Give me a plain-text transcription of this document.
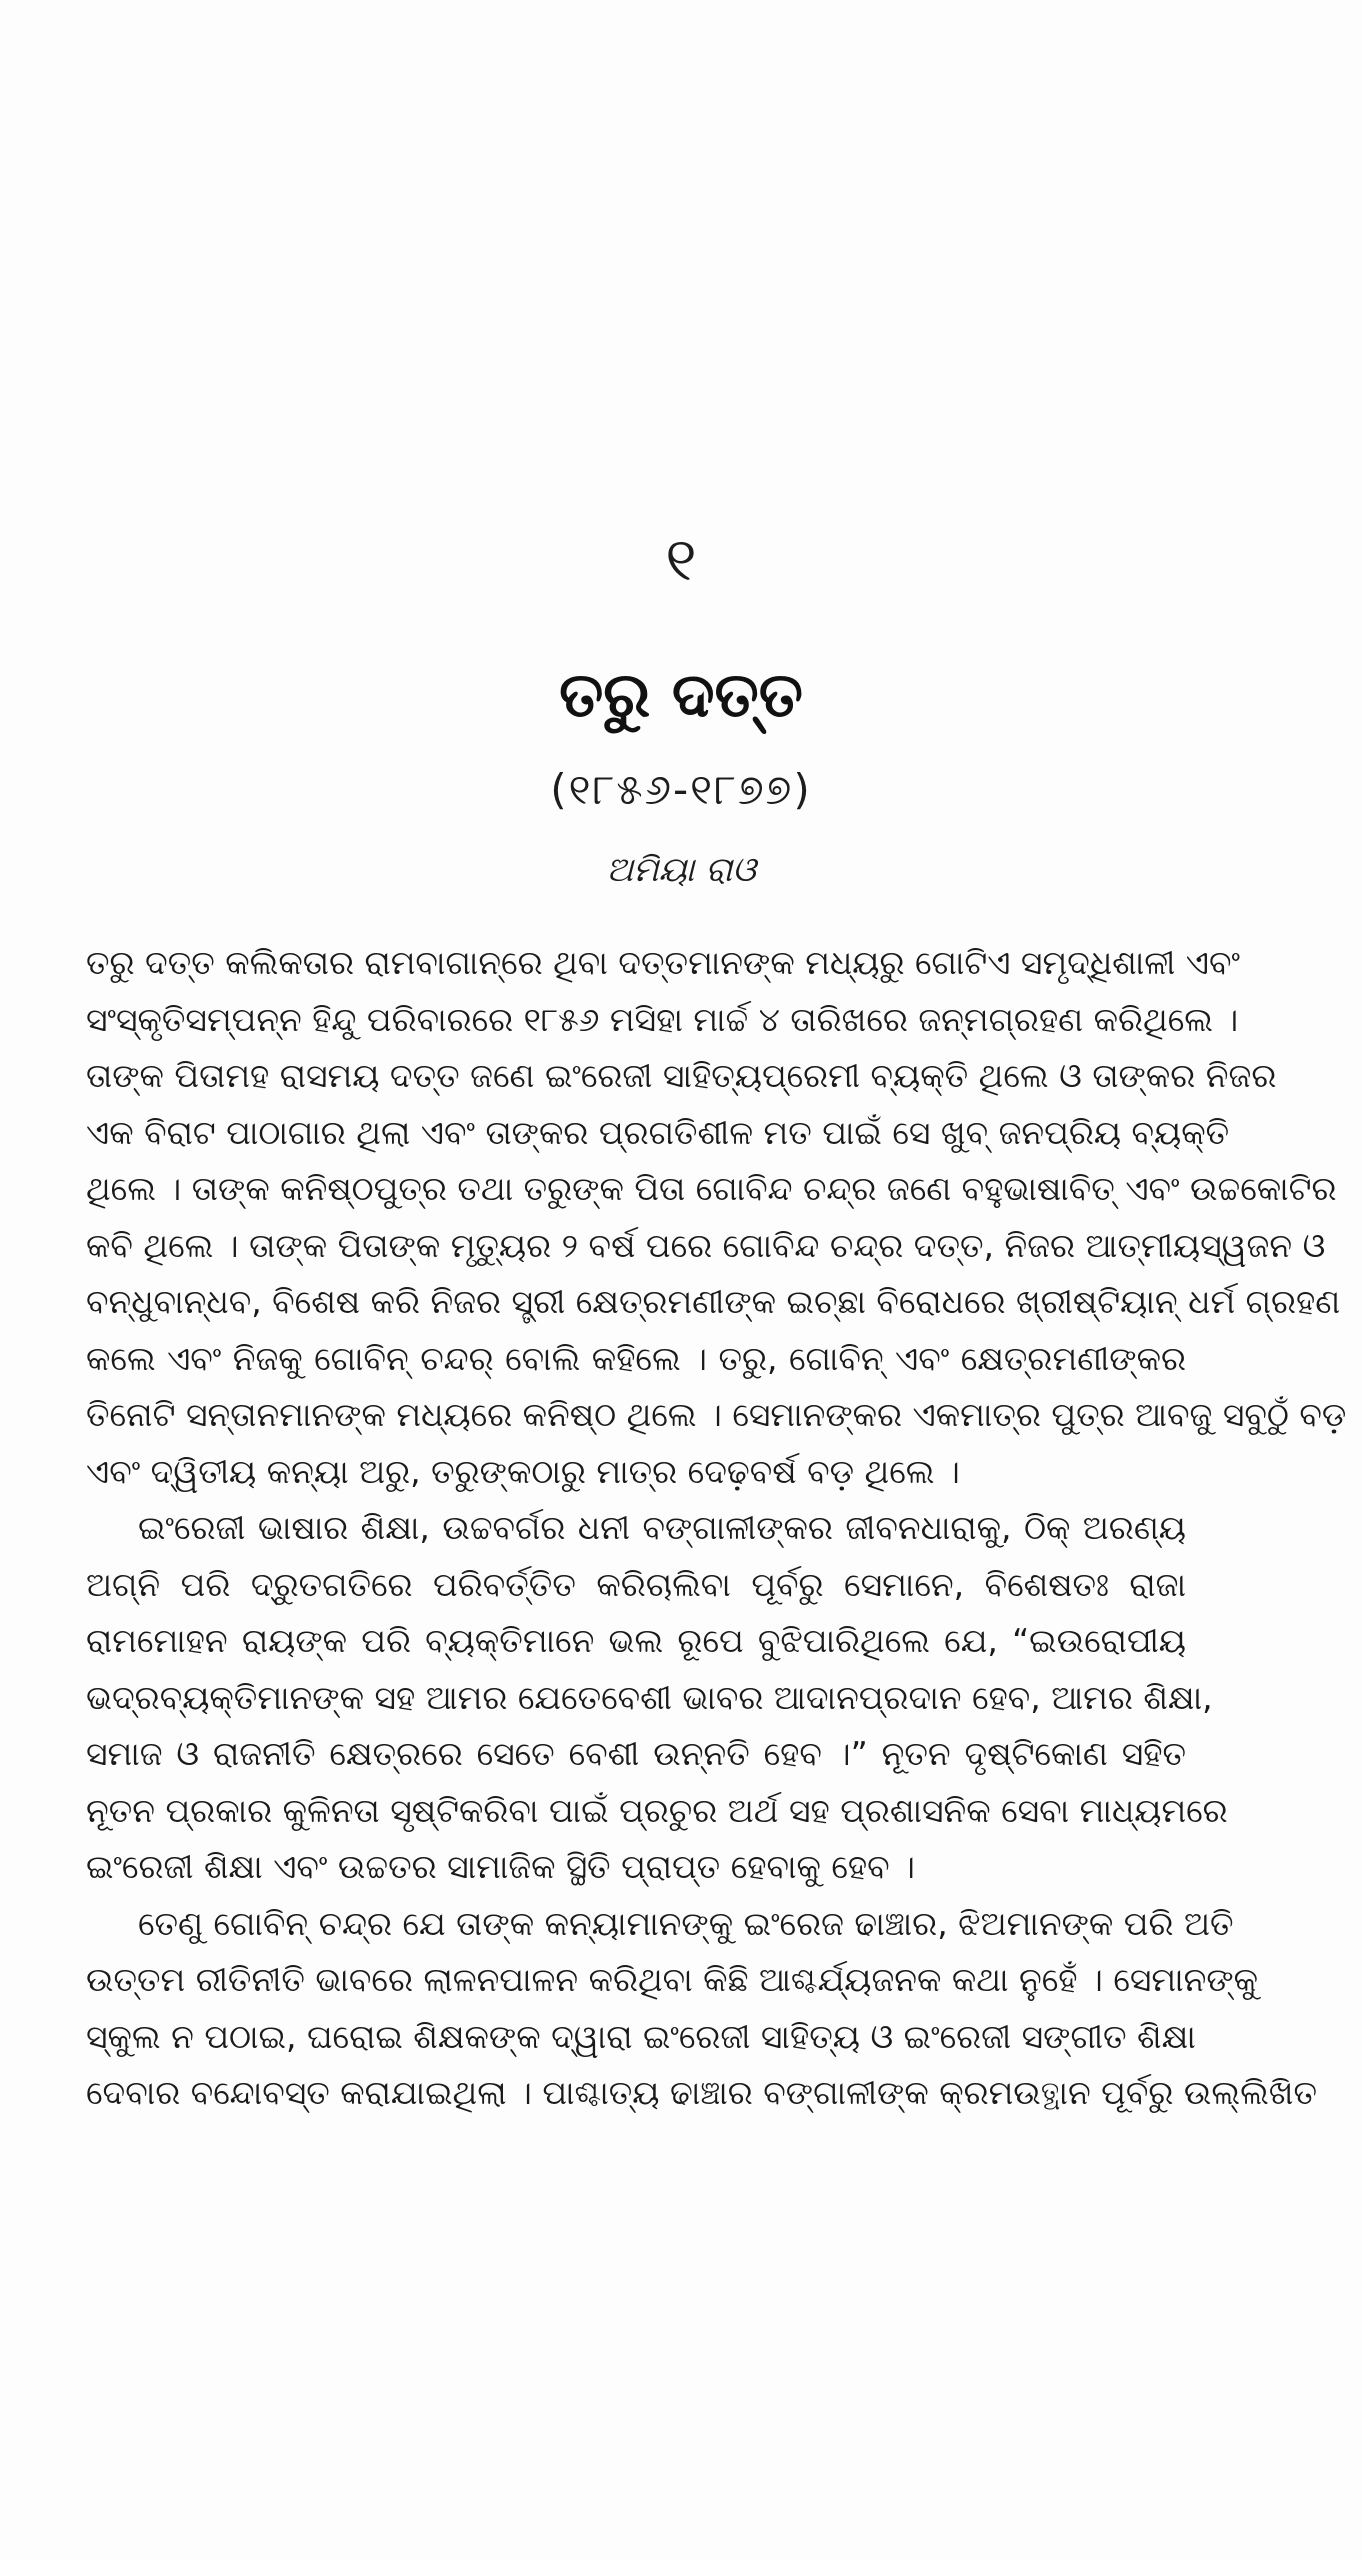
୧
ତରୁ ଦତ୍ତ
(୧୮୫୬-୧୮୭୭)
ଅମିୟା ରାଓ
ତରୁ ଦତ୍ତ କଲିକତାର ରାମବାଗାନ୍‌ରେ ଥିବା ଦତ୍ତମାନଙ୍କ ମଧ୍ୟରୁ ଗୋଟିଏ ସମୃଦ୍ଧିଶାଳୀ ଏବଂ
ସଂସ୍କୃତିସମ୍ପନ୍ନ ହିନ୍ଦୁ ପରିବାରରେ ୧୮୫୬ ମସିହା ମାର୍ଚ୍ଚ ୪ ତାରିଖରେ ଜନ୍ମଗ୍ରହଣ କରିଥିଲେ ।
ତାଙ୍କ ପିତାମହ ରାସମୟ ଦତ୍ତ ଜଣେ ଇଂରେଜୀ ସାହିତ୍ୟପ୍ରେମୀ ବ୍ୟକ୍ତି ଥିଲେ ଓ ତାଙ୍କର ନିଜର
ଏକ ବିରାଟ ପାଠାଗାର ଥିଲା ଏବଂ ତାଙ୍କର ପ୍ରଗତିଶୀଳ ମତ ପାଇଁ ସେ ଖୁବ୍ ଜନପ୍ରିୟ ବ୍ୟକ୍ତି
ଥିଲେ । ତାଙ୍କ କନିଷ୍ଠପୁତ୍ର ତଥା ତରୁଙ୍କ ପିତା ଗୋବିନ୍ଦ ଚନ୍ଦ୍ର ଜଣେ ବହୁଭାଷାବିତ୍ ଏବଂ ଉଚ୍ଚକୋଟିର
କବି ଥିଲେ । ତାଙ୍କ ପିତାଙ୍କ ମୃତ୍ୟୁର ୨ ବର୍ଷ ପରେ ଗୋବିନ୍ଦ ଚନ୍ଦ୍ର ଦତ୍ତ, ନିଜର ଆତ୍ମୀୟସ୍ୱଜନ ଓ
ବନ୍ଧୁବାନ୍ଧବ, ବିଶେଷ କରି ନିଜର ସ୍ତ୍ରୀ କ୍ଷେତ୍ରମଣୀଙ୍କ ଇଚ୍ଛା ବିରୋଧରେ ଖ୍ରୀଷ୍ଟିୟାନ୍ ଧର୍ମ ଗ୍ରହଣ
କଲେ ଏବଂ ନିଜକୁ ଗୋବିନ୍ ଚନ୍ଦର୍ ବୋଲି କହିଲେ । ତରୁ, ଗୋବିନ୍ ଏବଂ କ୍ଷେତ୍ରମଣୀଙ୍କର
ତିନୋଟି ସନ୍ତାନମାନଙ୍କ ମଧ୍ୟରେ କନିଷ୍ଠ ଥିଲେ । ସେମାନଙ୍କର ଏକମାତ୍ର ପୁତ୍ର ଆବଜୁ ସବୁଠୁଁ ବଡ଼
ଏବଂ ଦ୍ୱିତୀୟ କନ୍ୟା ଅରୁ, ତରୁଙ୍କଠାରୁ ମାତ୍ର ଦେଢ଼ବର୍ଷ ବଡ଼ ଥିଲେ ।
ଇଂରେଜୀ ଭାଷାର ଶିକ୍ଷା, ଉଚ୍ଚବର୍ଗର ଧନୀ ବଙ୍ଗାଳୀଙ୍କର ଜୀବନଧାରାକୁ, ଠିକ୍ ଅରଣ୍ୟ
ଅଗ୍ନି ପରି ଦ୍ରୁତଗତିରେ ପରିବର୍ତ୍ତିତ କରିଚାଲିବା ପୂର୍ବରୁ ସେମାନେ, ବିଶେଷତଃ ରାଜା
ରାମମୋହନ ରାୟଙ୍କ ପରି ବ୍ୟକ୍ତିମାନେ ଭଲ ରୂପେ ବୁଝିପାରିଥିଲେ ଯେ, “ଇଉରୋପୀୟ
ଭଦ୍ରବ୍ୟକ୍ତିମାନଙ୍କ ସହ ଆମର ଯେତେବେଶୀ ଭାବର ଆଦାନପ୍ରଦାନ ହେବ, ଆମର ଶିକ୍ଷା,
ସମାଜ ଓ ରାଜନୀତି କ୍ଷେତ୍ରରେ ସେତେ ବେଶୀ ଉନ୍ନତି ହେବ ।” ନୂତନ ଦୃଷ୍ଟିକୋଣ ସହିତ
ନୂତନ ପ୍ରକାର କୁଳିନତା ସୃଷ୍ଟିକରିବା ପାଇଁ ପ୍ରଚୁର ଅର୍ଥ ସହ ପ୍ରଶାସନିକ ସେବା ମାଧ୍ୟମରେ
ଇଂରେଜୀ ଶିକ୍ଷା ଏବଂ ଉଚ୍ଚତର ସାମାଜିକ ସ୍ଥିତି ପ୍ରାପ୍ତ ହେବାକୁ ହେବ ।
ତେଣୁ ଗୋବିନ୍ ଚନ୍ଦ୍ର ଯେ ତାଙ୍କ କନ୍ୟାମାନଙ୍କୁ ଇଂରେଜ ଢାଞ୍ଚାର, ଝିଅମାନଙ୍କ ପରି ଅତି
ଉତ୍ତମ ରୀତିନୀତି ଭାବରେ ଲାଳନପାଳନ କରିଥିବା କିଛି ଆଶ୍ଚର୍ଯ୍ୟଜନକ କଥା ନୁହେଁ । ସେମାନଙ୍କୁ
ସ୍କୁଲ ନ ପଠାଇ, ଘରୋଇ ଶିକ୍ଷକଙ୍କ ଦ୍ୱାରା ଇଂରେଜୀ ସାହିତ୍ୟ ଓ ଇଂରେଜୀ ସଙ୍ଗୀତ ଶିକ୍ଷା
ଦେବାର ବନ୍ଦୋବସ୍ତ କରାଯାଇଥିଲା । ପାଶ୍ଚାତ୍ୟ ଢାଞ୍ଚାର ବଙ୍ଗାଳୀଙ୍କ କ୍ରମଉତ୍ଥାନ ପୂର୍ବରୁ ଉଲ୍ଲିଖିତ
